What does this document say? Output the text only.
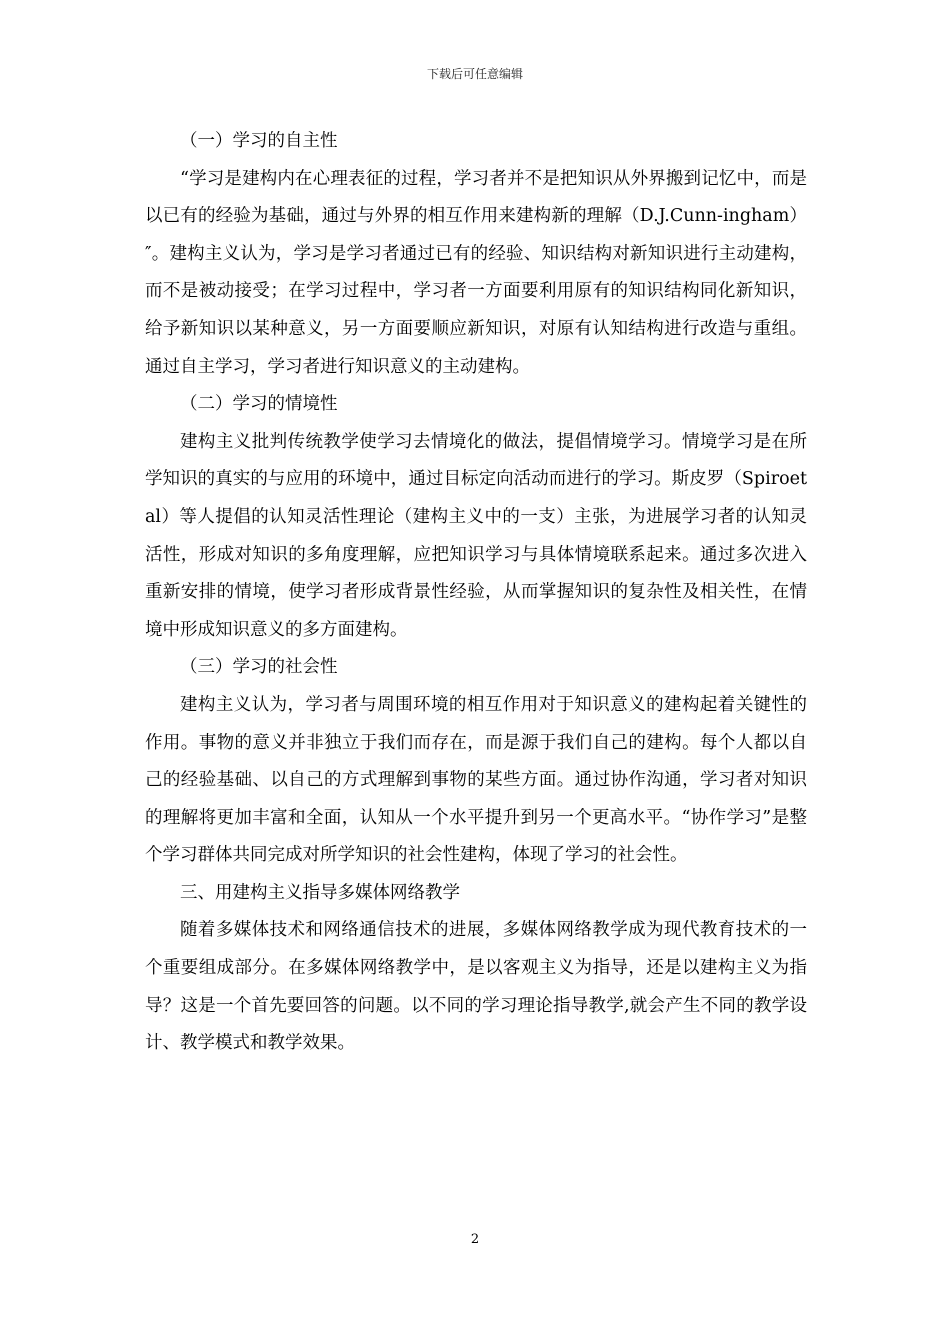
下载后可任意编辑

（一）学习的自主性

“学习是建构内在心理表征的过程，学习者并不是把知识从外界搬到记忆中，而是以已有的经验为基础，通过与外界的相互作用来建构新的理解（D.J.Cunn-ingham）″。建构主义认为，学习是学习者通过已有的经验、知识结构对新知识进行主动建构，而不是被动接受；在学习过程中，学习者一方面要利用原有的知识结构同化新知识，给予新知识以某种意义，另一方面要顺应新知识，对原有认知结构进行改造与重组。通过自主学习，学习者进行知识意义的主动建构。

（二）学习的情境性

建构主义批判传统教学使学习去情境化的做法，提倡情境学习。情境学习是在所学知识的真实的与应用的环境中，通过目标定向活动而进行的学习。斯皮罗（Spiroetal）等人提倡的认知灵活性理论（建构主义中的一支）主张，为进展学习者的认知灵活性，形成对知识的多角度理解，应把知识学习与具体情境联系起来。通过多次进入重新安排的情境，使学习者形成背景性经验，从而掌握知识的复杂性及相关性，在情境中形成知识意义的多方面建构。

（三）学习的社会性

建构主义认为，学习者与周围环境的相互作用对于知识意义的建构起着关键性的作用。事物的意义并非独立于我们而存在，而是源于我们自己的建构。每个人都以自己的经验基础、以自己的方式理解到事物的某些方面。通过协作沟通，学习者对知识的理解将更加丰富和全面，认知从一个水平提升到另一个更高水平。“协作学习”是整个学习群体共同完成对所学知识的社会性建构，体现了学习的社会性。

三、用建构主义指导多媒体网络教学

随着多媒体技术和网络通信技术的进展，多媒体网络教学成为现代教育技术的一个重要组成部分。在多媒体网络教学中，是以客观主义为指导，还是以建构主义为指导？这是一个首先要回答的问题。以不同的学习理论指导教学,就会产生不同的教学设计、教学模式和教学效果。

2
